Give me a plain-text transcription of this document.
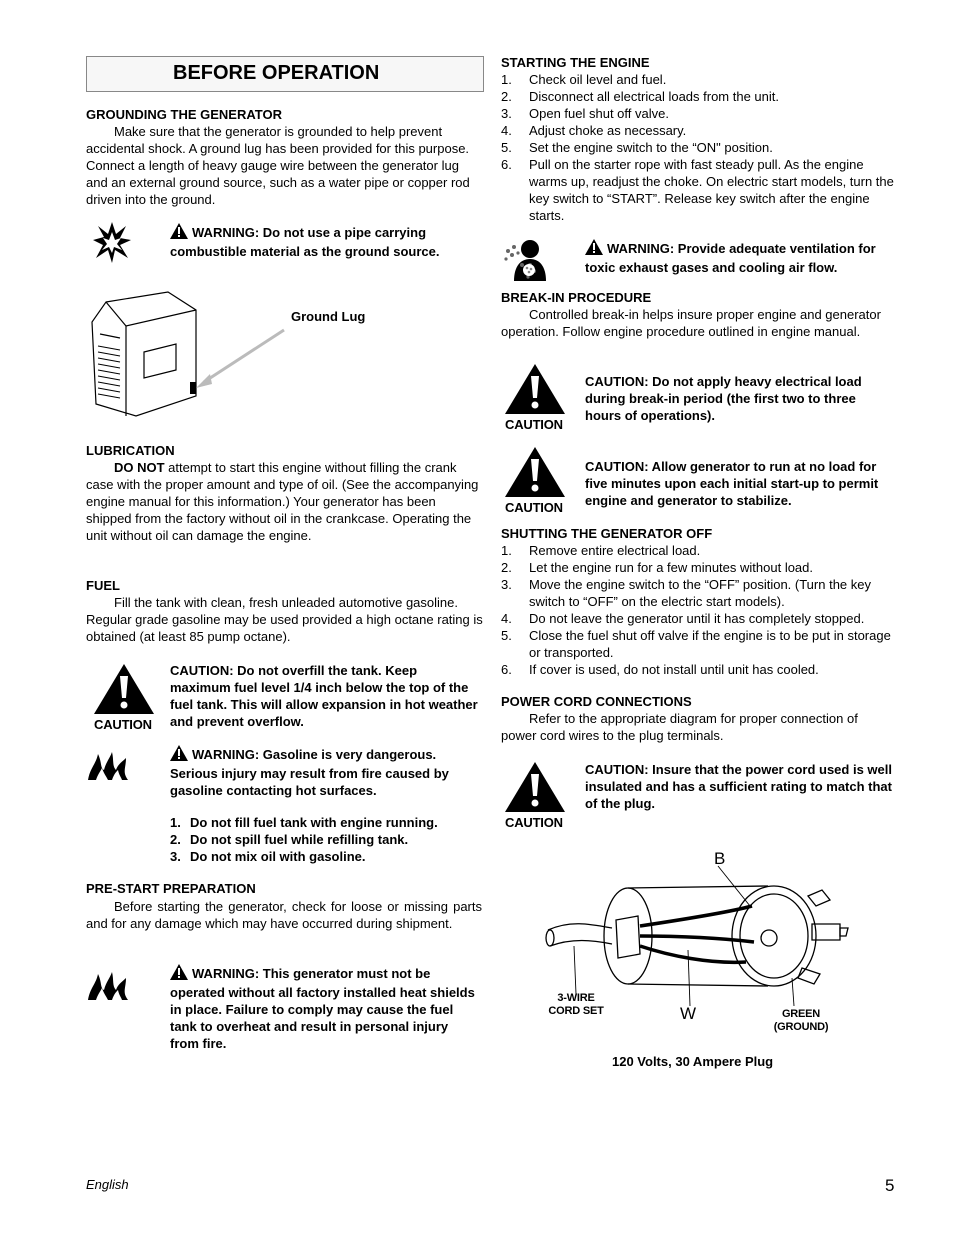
BEFORE OPERATION
GROUNDING THE GENERATOR

Make sure that the generator is grounded to help prevent accidental shock. A ground lug has been provided for this purpose. Connect a length of heavy gauge wire between the generator lug and an external ground source, such as a water pipe or copper rod driven into the ground.

WARNING: Do not use a pipe carrying combustible material as the ground source.
Ground Lug
LUBRICATION

DO NOT attempt to start this engine without filling the crank case with the proper amount and type of oil. (See the accompanying engine manual for this information.) Your generator has been shipped from the factory without oil in the crankcase. Operating the unit without oil can damage the engine.

FUEL

Fill the tank with clean, fresh unleaded automotive gasoline. Regular grade gasoline may be used provided a high octane rating is obtained (at least 85 pump octane).

CAUTION
CAUTION: Do not overfill the tank. Keep maximum fuel level 1/4 inch below the top of the fuel tank. This will allow expansion in hot weather and prevent overflow.
WARNING: Gasoline is very dangerous. Serious injury may result from fire caused by gasoline contacting hot surfaces.
1. Do not fill fuel tank with engine running.
2. Do not spill fuel while refilling tank.
3. Do not mix oil with gasoline.
PRE-START PREPARATION

Before starting the generator, check for loose or missing parts and for any damage which may have occurred during shipment.

WARNING: This generator must not be operated without all factory installed heat shields in place. Failure to comply may cause the fuel tank to overheat and result in personal injury from fire.
STARTING THE ENGINE
1. Check oil level and fuel.
2. Disconnect all electrical loads from the unit.
3. Open fuel shut off valve.
4. Adjust choke as necessary.
5. Set the engine switch to the “ON" position.
6. Pull on the starter rope with fast steady pull. As the engine warms up, readjust the choke. On electric start models, turn the key switch to “START”. Release key switch after the engine starts.
WARNING: Provide adequate ventilation for toxic exhaust gases and cooling air flow.
BREAK-IN PROCEDURE

Controlled break-in helps insure proper engine and generator operation. Follow engine procedure outlined in engine manual.

CAUTION
CAUTION: Do not apply heavy electrical load during break-in period (the first two to three hours of operations).
CAUTION
CAUTION: Allow generator to run at no load for five minutes upon each initial start-up to permit engine and generator to stabilize.
SHUTTING THE GENERATOR OFF
1. Remove entire electrical load.
2. Let the engine run for a few minutes without load.
3. Move the engine switch to the “OFF” position. (Turn the key switch to “OFF” on the electric start models).
4. Do not leave the generator until it has completely stopped.
5. Close the fuel shut off valve if the engine is to be put in storage or transported.
6. If cover is used, do not install until unit has cooled.
POWER CORD CONNECTIONS

Refer to the appropriate diagram for proper connection of power cord wires to the plug terminals.

CAUTION
CAUTION: Insure that the power cord used is well insulated and has a sufficient rating to match that of the plug.
B
3-WIRE
CORD SET	W	GREEN
(GROUND)
120 Volts, 30 Ampere Plug
English	5
